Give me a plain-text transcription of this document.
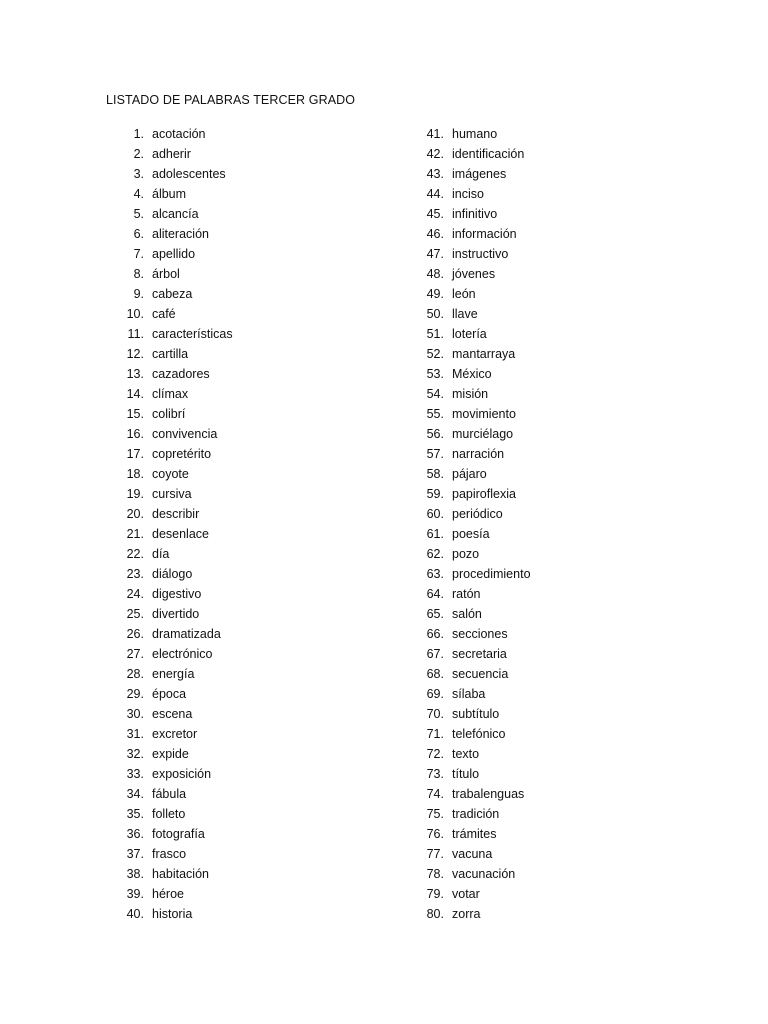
LISTADO DE PALABRAS TERCER GRADO
1. acotación
2. adherir
3. adolescentes
4. álbum
5. alcancía
6. aliteración
7. apellido
8. árbol
9. cabeza
10. café
11. características
12. cartilla
13. cazadores
14. clímax
15. colibrí
16. convivencia
17. copretérito
18. coyote
19. cursiva
20. describir
21. desenlace
22. día
23. diálogo
24. digestivo
25. divertido
26. dramatizada
27. electrónico
28. energía
29. época
30. escena
31. excretor
32. expide
33. exposición
34. fábula
35. folleto
36. fotografía
37. frasco
38. habitación
39. héroe
40. historia
41. humano
42. identificación
43. imágenes
44. inciso
45. infinitivo
46. información
47. instructivo
48. jóvenes
49. león
50. llave
51. lotería
52. mantarraya
53. México
54. misión
55. movimiento
56. murciélago
57. narración
58. pájaro
59. papiroflexia
60. periódico
61. poesía
62. pozo
63. procedimiento
64. ratón
65. salón
66. secciones
67. secretaria
68. secuencia
69. sílaba
70. subtítulo
71. telefónico
72. texto
73. título
74. trabalenguas
75. tradición
76. trámites
77. vacuna
78. vacunación
79. votar
80. zorra
